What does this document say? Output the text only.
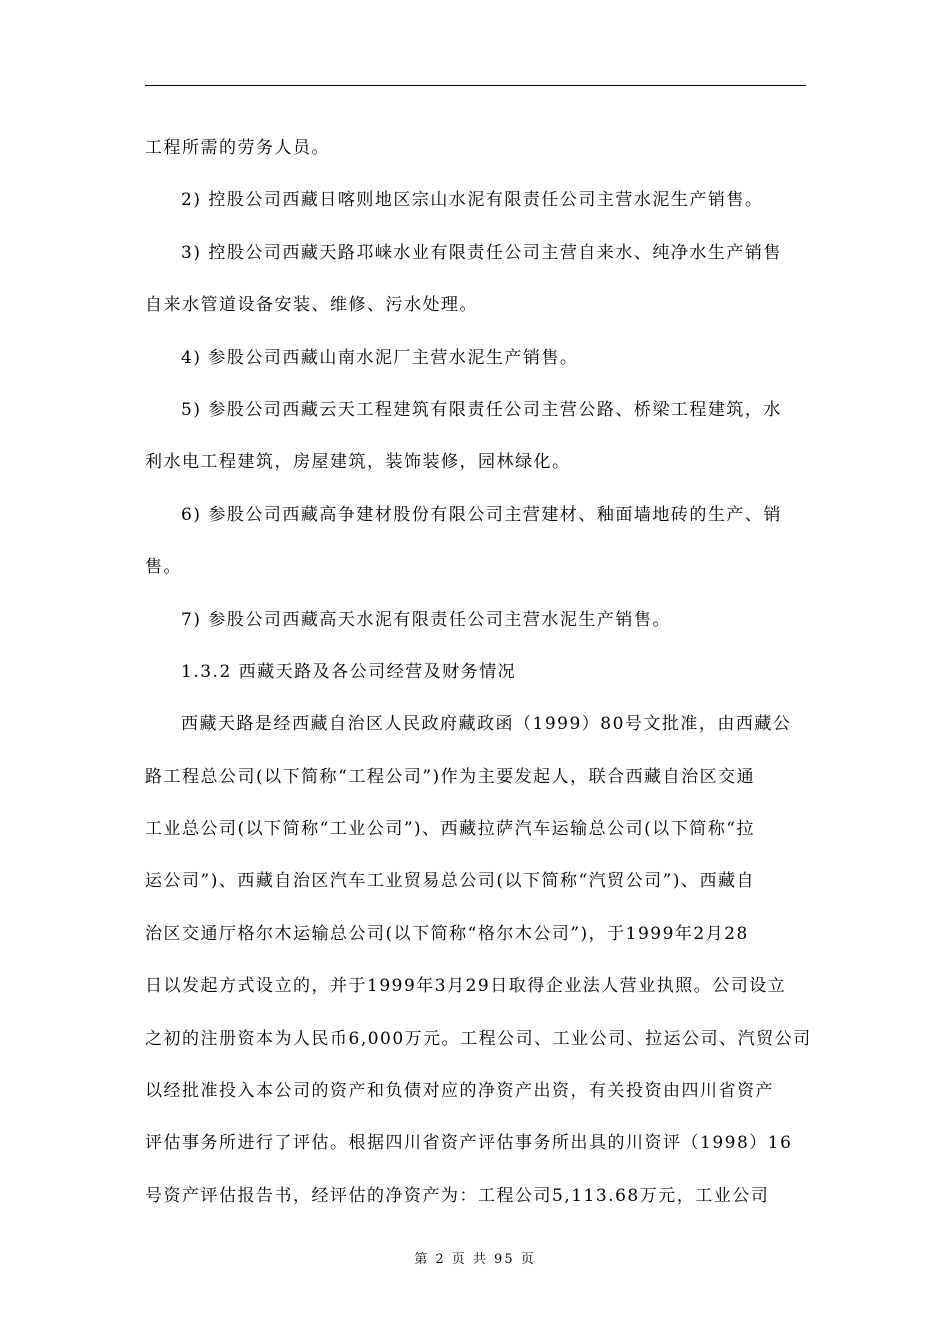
工程所需的劳务人员。
2) 控股公司西藏日喀则地区宗山水泥有限责任公司主营水泥生产销售。
3) 控股公司西藏天路邛崃水业有限责任公司主营自来水、纯净水生产销售
自来水管道设备安装、维修、污水处理。
4) 参股公司西藏山南水泥厂主营水泥生产销售。
5) 参股公司西藏云天工程建筑有限责任公司主营公路、桥梁工程建筑，水
利水电工程建筑，房屋建筑，装饰装修，园林绿化。
6) 参股公司西藏高争建材股份有限公司主营建材、釉面墙地砖的生产、销
售。
7) 参股公司西藏高天水泥有限责任公司主营水泥生产销售。
1.3.2 西藏天路及各公司经营及财务情况
西藏天路是经西藏自治区人民政府藏政函（1999）80号文批准，由西藏公
路工程总公司(以下简称“工程公司”)作为主要发起人，联合西藏自治区交通
工业总公司(以下简称“工业公司”)、西藏拉萨汽车运输总公司(以下简称“拉
运公司”)、西藏自治区汽车工业贸易总公司(以下简称“汽贸公司”)、西藏自
治区交通厅格尔木运输总公司(以下简称“格尔木公司”)，于1999年2月28
日以发起方式设立的，并于1999年3月29日取得企业法人营业执照。公司设立
之初的注册资本为人民币6,000万元。工程公司、工业公司、拉运公司、汽贸公司
以经批准投入本公司的资产和负债对应的净资产出资，有关投资由四川省资产
评估事务所进行了评估。根据四川省资产评估事务所出具的川资评（1998）16
号资产评估报告书，经评估的净资产为：工程公司5,113.68万元，工业公司
第 2 页 共 95 页
